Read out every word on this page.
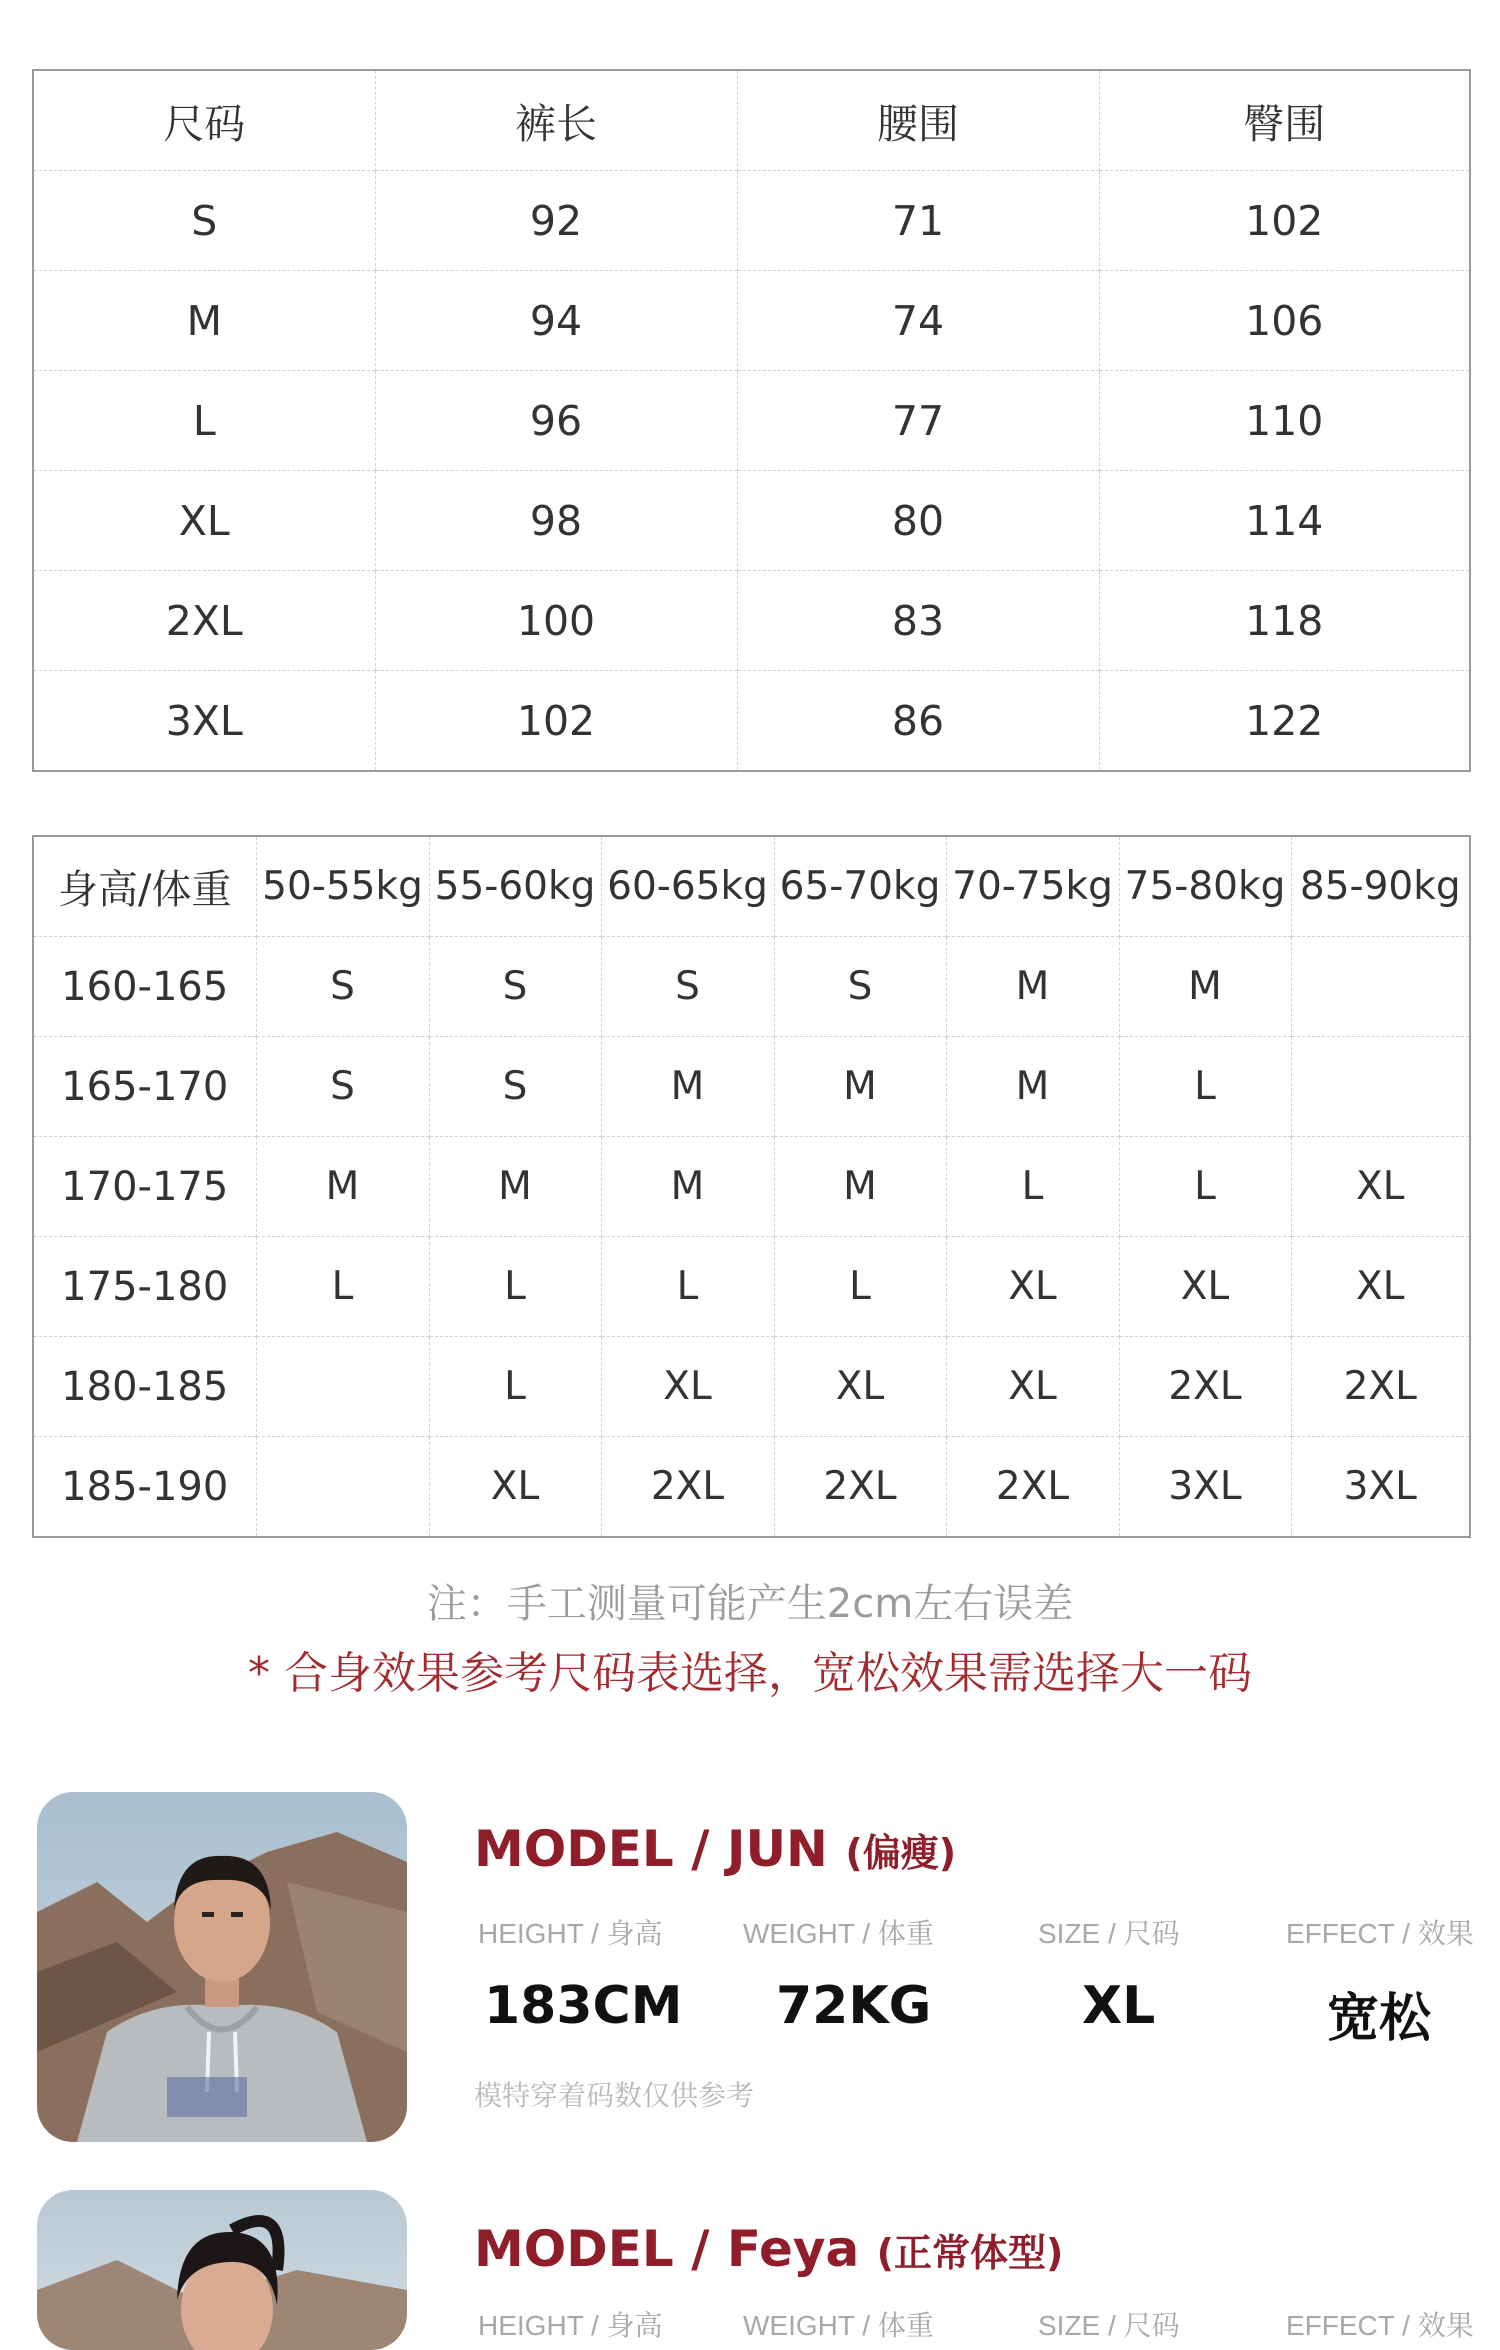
尺码	裤长	腰围	臀围
S	92	71	102
M	94	74	106
L	96	77	110
XL	98	80	114
2XL	100	83	118
3XL	102	86	122
身高/体重	50-55kg	55-60kg	60-65kg	65-70kg	70-75kg	75-80kg	85-90kg
160-165	S	S	S	S	M	M	
165-170	S	S	M	M	M	L	
170-175	M	M	M	M	L	L	XL
175-180	L	L	L	L	XL	XL	XL
180-185		L	XL	XL	XL	2XL	2XL
185-190		XL	2XL	2XL	2XL	3XL	3XL
注：手工测量可能产生2cm左右误差
* 合身效果参考尺码表选择，宽松效果需选择大一码
MODEL / JUN (偏瘦)
HEIGHT / 身高	WEIGHT / 体重	SIZE / 尺码	EFFECT / 效果
183CM 72KG	XL	宽松
模特穿着码数仅供参考
MODEL / Feya (正常体型)
HEIGHT / 身高	WEIGHT / 体重	SIZE / 尺码	EFFECT / 效果
